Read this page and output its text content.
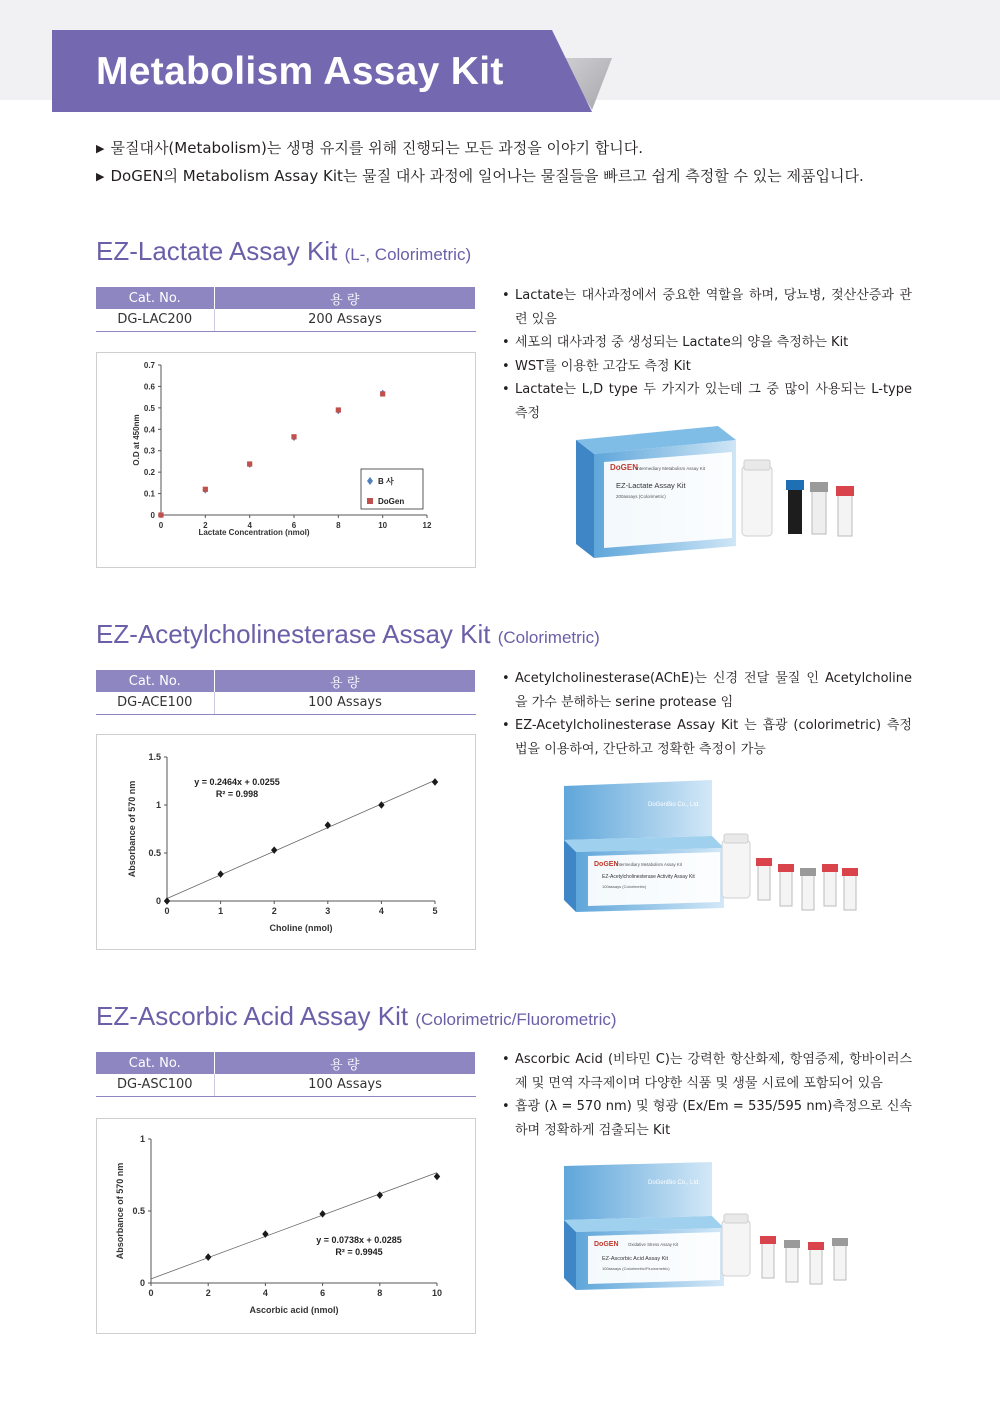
Metabolism Assay Kit
▶ 물질대사(Metabolism)는 생명 유지를 위해 진행되는 모든 과정을 이야기 합니다.
▶ DoGEN의 Metabolism Assay Kit는 물질 대사 과정에 일어나는 물질들을 빠르고 쉽게 측정할 수 있는 제품입니다.
EZ-Lactate Assay Kit (L-, Colorimetric)
Cat. No.	용 량
DG-LAC200	200 Assays
0	2	4	6	8	10	12
0
0.1
0.2
0.3
0.4
0.5
0.6
0.7
Lactate Concentration (nmol)
O.D at 450nm
B 사
DoGen
• Lactate는 대사과정에서 중요한 역할을 하며, 당뇨병, 젖산산증과 관련 있음
• 세포의 대사과정 중 생성되는 Lactate의 양을 측정하는 Kit
• WST를 이용한 고감도 측정 Kit
• Lactate는 L,D type 두 가지가 있는데 그 중 많이 사용되는 L-type 측정
DoGEN
Intermediary Metabolism Assay Kit
EZ-Lactate Assay Kit
200assays (Colorimetric)
EZ-Acetylcholinesterase Assay Kit (Colorimetric)
Cat. No.	용 량
DG-ACE100	100 Assays
0	1	2	3	4	5
0
0.5
1
1.5
Choline (nmol)
Absorbance of 570 nm	y = 0.2464x + 0.0255
R² = 0.998
• Acetylcholinesterase(AChE)는 신경 전달 물질 인 Acetylcholine을 가수 분해하는 serine protease 임
• EZ-Acetylcholinesterase Assay Kit 는 흡광 (colorimetric) 측정법을 이용하여, 간단하고 정확한 측정이 가능
DoGenBio Co., Ltd.
DoGEN
Intermediary Metabolism Assay Kit
EZ-Acetylcholinesterase Activity Assay Kit
100assays (Colorimetric)
EZ-Ascorbic Acid Assay Kit (Colorimetric/Fluorometric)
Cat. No.	용 량
DG-ASC100	100 Assays
0	2	4	6	8	10
0
0.5
1
Ascorbic acid (nmol)
Absorbance of 570 nm	y = 0.0738x + 0.0285
R² = 0.9945
• Ascorbic Acid (비타민 C)는 강력한 항산화제, 항염증제, 항바이러스제 및 면역 자극제이며 다양한 식품 및 생물 시료에 포함되어 있음
• 흡광 (λ = 570 nm) 및 형광 (Ex/Em = 535/595 nm)측정으로 신속하며 정확하게 검출되는 Kit
DoGenBio Co., Ltd.
DoGEN Oxidative Stress Assay Kit
EZ-Ascorbic Acid Assay Kit
100assays (Colorimetric/Fluorometric)
